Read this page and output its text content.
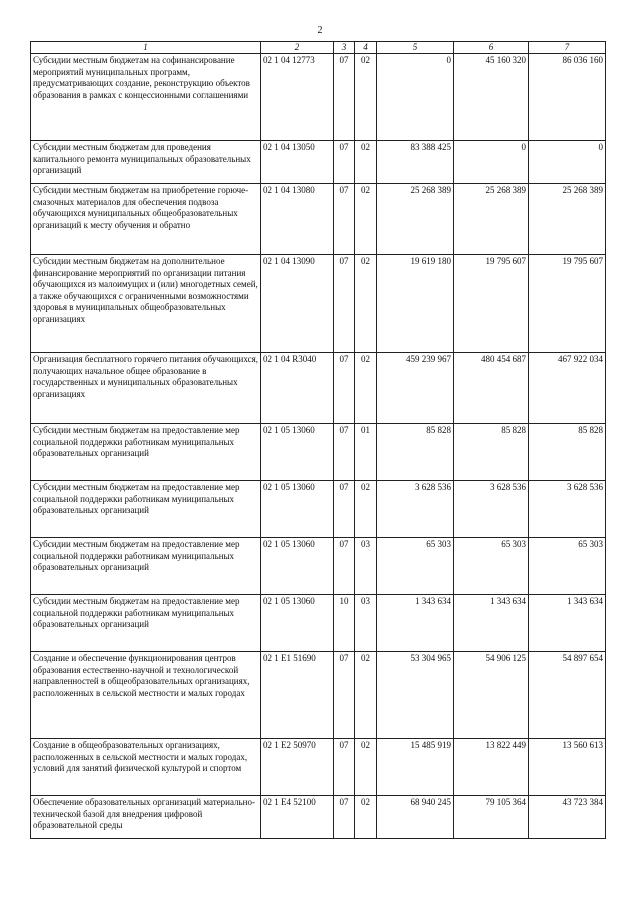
2
1	2	3	4	5	6	7
Субсидии местным бюджетам на софинансирование мероприятий муниципальных программ, предусматривающих создание, реконструкцию объектов образования в рамках с концессионными соглашениями	02 1 04 12773	07	02	0	45 160 320	86 036 160
Субсидии местным бюджетам для проведения капитального ремонта муниципальных образовательных организаций	02 1 04 13050	07	02	83 388 425	0	0
Субсидии местным бюджетам на приобретение горюче-смазочных материалов для обеспечения подвоза обучающихся муниципальных общеобразовательных организаций к месту обучения и обратно	02 1 04 13080	07	02	25 268 389	25 268 389	25 268 389
Субсидии местным бюджетам на дополнительное финансирование мероприятий по организации питания обучающихся из малоимущих и (или) многодетных семей, а также обучающихся с ограниченными возможностями здоровья в муниципальных общеобразовательных организациях	02 1 04 13090	07	02	19 619 180	19 795 607	19 795 607
Организация бесплатного горячего питания обучающихся, получающих начальное общее образование в государственных и муниципальных образовательных организациях	02 1 04 R3040	07	02	459 239 967	480 454 687	467 922 034
Субсидии местным бюджетам на предоставление мер социальной поддержки работникам муниципальных образовательных организаций	02 1 05 13060	07	01	85 828	85 828	85 828
Субсидии местным бюджетам на предоставление мер социальной поддержки работникам муниципальных образовательных организаций	02 1 05 13060	07	02	3 628 536	3 628 536	3 628 536
Субсидии местным бюджетам на предоставление мер социальной поддержки работникам муниципальных образовательных организаций	02 1 05 13060	07	03	65 303	65 303	65 303
Субсидии местным бюджетам на предоставление мер социальной поддержки работникам муниципальных образовательных организаций	02 1 05 13060	10	03	1 343 634	1 343 634	1 343 634
Создание и обеспечение функционирования центров образования естественно-научной и технологической направленностей в общеобразовательных организациях, расположенных в сельской местности и малых городах	02 1 E1 51690	07	02	53 304 965	54 906 125	54 897 654
Создание в общеобразовательных организациях, расположенных в сельской местности и малых городах, условий для занятий физической культурой и спортом	02 1 E2 50970	07	02	15 485 919	13 822 449	13 560 613
Обеспечение образовательных организаций материально-технической базой для внедрения цифровой образовательной среды	02 1 E4 52100	07	02	68 940 245	79 105 364	43 723 384
